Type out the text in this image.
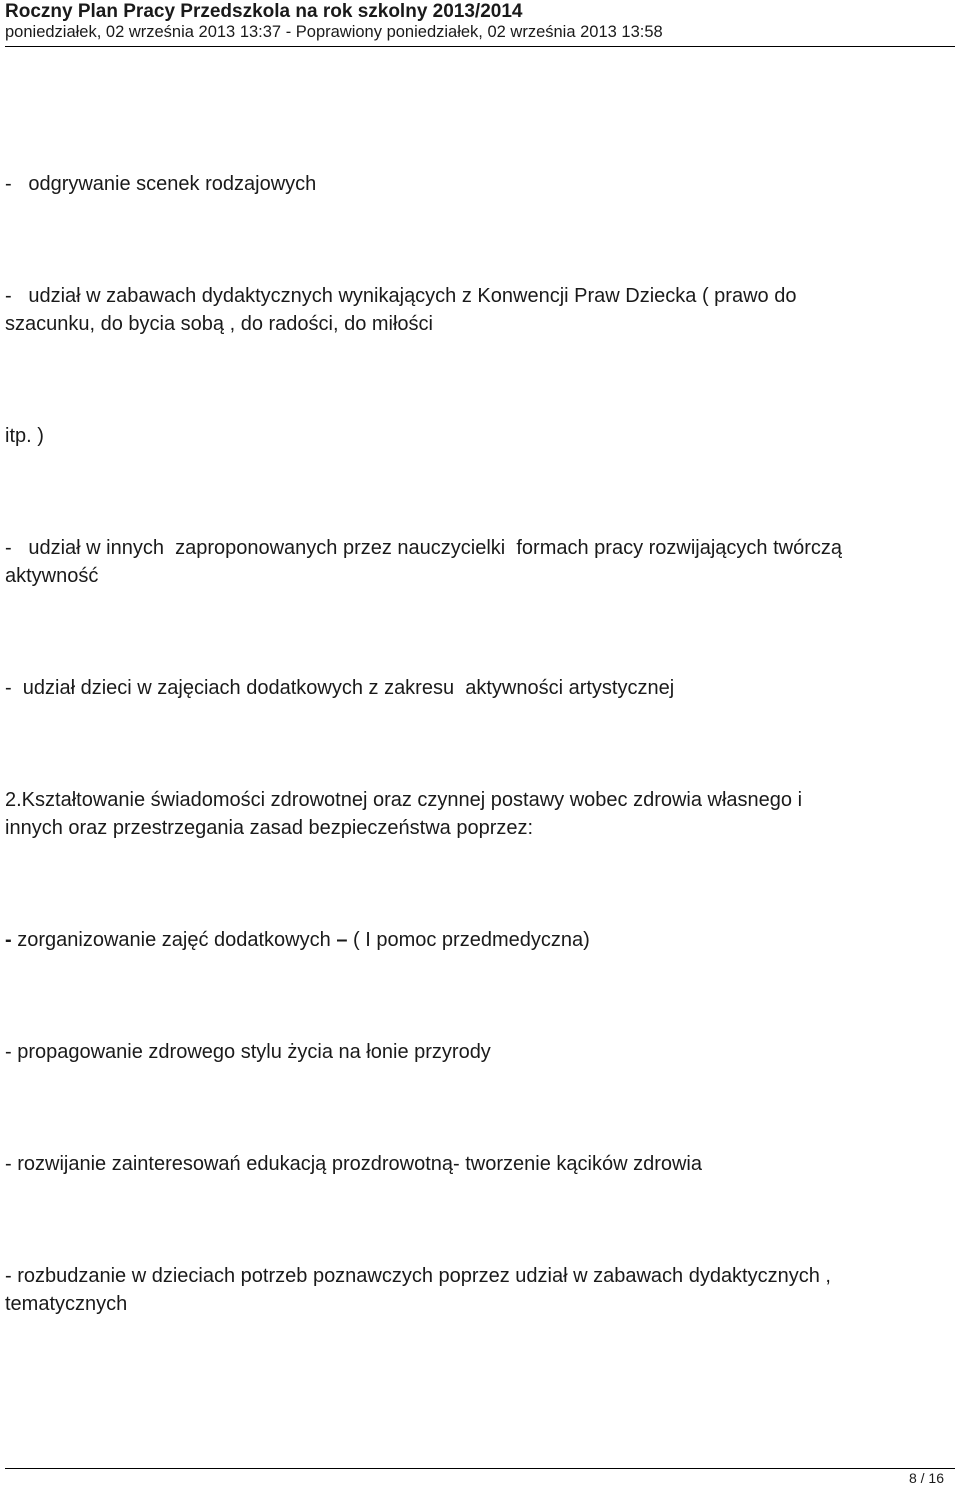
Roczny Plan Pracy Przedszkola na rok szkolny 2013/2014
poniedziałek, 02 września 2013 13:37 - Poprawiony poniedziałek, 02 września 2013 13:58

-   odgrywanie scenek rodzajowych

-   udział w zabawach dydaktycznych wynikających z Konwencji Praw Dziecka ( prawo do

szacunku, do bycia sobą , do radości, do miłości

itp. )

-   udział w innych  zaproponowanych przez nauczycielki  formach pracy rozwijających twórczą

aktywność

-  udział dzieci w zajęciach dodatkowych z zakresu  aktywności artystycznej

2.Kształtowanie świadomości zdrowotnej oraz czynnej postawy wobec zdrowia własnego i

innych oraz przestrzegania zasad bezpieczeństwa poprzez:

- zorganizowanie zajęć dodatkowych – ( I pomoc przedmedyczna)

- propagowanie zdrowego stylu życia na łonie przyrody

- rozwijanie zainteresowań edukacją prozdrowotną- tworzenie kącików zdrowia

- rozbudzanie w dzieciach potrzeb poznawczych poprzez udział w zabawach dydaktycznych ,

tematycznych

8 / 16
